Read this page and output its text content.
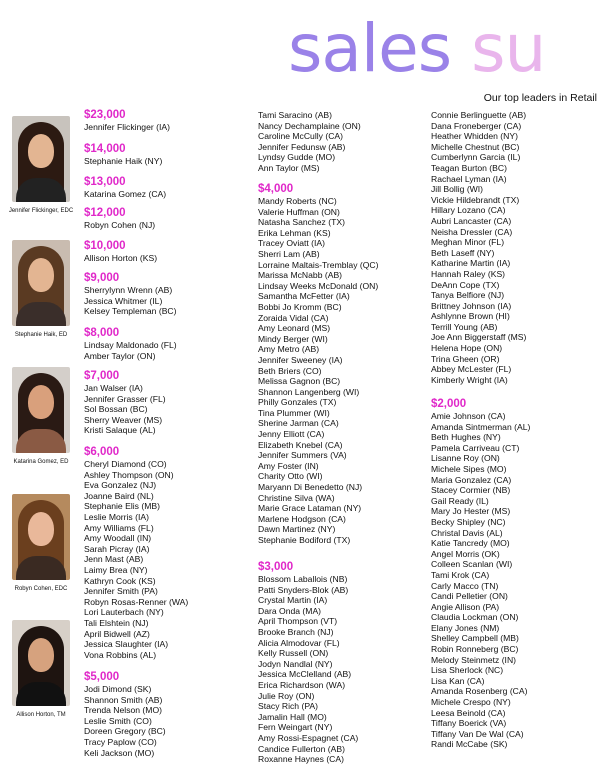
sales su
Our top leaders in Retail
Jennifer Flickinger, EDC
Stephanie Haik, ED
Katarina Gomez, ED
Robyn Cohen, EDC
Allison Horton, TM
$23,000
Jennifer Flickinger (IA)
$14,000
Stephanie Haik (NY)
$13,000
Katarina Gomez (CA)
$12,000
Robyn Cohen (NJ)
$10,000
Allison Horton (KS)
$9,000
Sherrylynn Wrenn (AB)
Jessica Whitmer (IL)
Kelsey Templeman (BC)
$8,000
Lindsay Maldonado (FL)
Amber Taylor (ON)
$7,000
Jan Walser (IA)
Jennifer Grasser (FL)
Sol Bossan (BC)
Sherry Weaver (MS)
Kristi Salaque (AL)
$6,000
Cheryl Diamond (CO)
Ashley Thompson (ON)
Eva Gonzalez (NJ)
Joanne Baird (NL)
Stephanie Elis (MB)
Leslie Morris (IA)
Amy Williams (FL)
Amy Woodall (IN)
Sarah Picray (IA)
Jenn Mast (AB)
Laimy Brea (NY)
Kathryn Cook (KS)
Jennifer Smith (PA)
Robyn Rosas-Renner (WA)
Lori Lauterbach (NY)
Tali Elshtein (NJ)
April Bidwell (AZ)
Jessica Slaughter (IA)
Vona Robbins (AL)
$5,000
Jodi Dimond (SK)
Shannon Smith (AB)
Trenda Nelson (MO)
Leslie Smith (CO)
Doreen Gregory (BC)
Tracy Paplow (CO)
Keli Jackson (MO)
Tami Saracino (AB)
Nancy Dechamplaine (ON)
Caroline McCully (CA)
Jennifer Fedunsw (AB)
Lyndsy Gudde (MO)
Ann Taylor (MS)
$4,000
Mandy Roberts (NC)
Valerie Huffman (ON)
Natasha Sanchez (TX)
Erika Lehman (KS)
Tracey Oviatt (IA)
Sherri Lam (AB)
Lorraine Maltais-Tremblay (QC)
Marissa McNabb (AB)
Lindsay Weeks McDonald (ON)
Samantha McFetter (IA)
Bobbi Jo Kromm (BC)
Zoraida Vidal (CA)
Amy Leonard (MS)
Mindy Berger (WI)
Amy Metro (AB)
Jennifer Sweeney (IA)
Beth Briers (CO)
Melissa Gagnon (BC)
Shannon Langenberg (WI)
Philly Gonzales (TX)
Tina Plummer (WI)
Sherine Jarman (CA)
Jenny Elliott (CA)
Elizabeth Knebel (CA)
Jennifer Summers (VA)
Amy Foster (IN)
Charity Otto (WI)
Maryann Di Benedetto (NJ)
Christine Silva (WA)
Marie Grace Lataman (NY)
Marlene Hodgson (CA)
Dawn Martinez (NY)
Stephanie Bodiford (TX)
$3,000
Blossom Laballois (NB)
Patti Snyders-Blok (AB)
Crystal Martin (IA)
Dara Onda (MA)
April Thompson (VT)
Brooke Branch (NJ)
Alicia Almodovar (FL)
Kelly Russell (ON)
Jodyn Nandlal (NY)
Jessica McClelland (AB)
Erica Richardson (WA)
Julie Roy (ON)
Stacy Rich (PA)
Jamalin Hall (MO)
Fern Weingart (NY)
Amy Rossi-Espagnet (CA)
Candice Fullerton (AB)
Roxanne Haynes (CA)
Connie Berlinguette (AB)
Dana Froneberger (CA)
Heather Whidden (NY)
Michelle Chestnut (BC)
Cumberlynn Garcia (IL)
Teagan Burton (BC)
Rachael Lyman (IA)
Jill Bollig (WI)
Vickie Hildebrandt (TX)
Hillary Lozano (CA)
Aubri Lancaster (CA)
Neisha Dressler (CA)
Meghan Minor (FL)
Beth Laseff (NY)
Katharine Martin (IA)
Hannah Raley (KS)
DeAnn Cope (TX)
Tanya Belfiore (NJ)
Brittney Johnson (IA)
Ashlynne Brown (HI)
Terrill Young (AB)
Joe Ann Biggerstaff (MS)
Helena Hope (ON)
Trina Gheen (OR)
Abbey McLester (FL)
Kimberly Wright (IA)
$2,000
Amie Johnson (CA)
Amanda Sintmerman (AL)
Beth Hughes (NY)
Pamela Carriveau (CT)
Lisanne Roy (ON)
Michele Sipes (MO)
Maria Gonzalez (CA)
Stacey Cormier (NB)
Gail Ready (IL)
Mary Jo Hester (MS)
Becky Shipley (NC)
Christal Davis (AL)
Katie Tancredy (MO)
Angel Morris (OK)
Colleen Scanlan (WI)
Tami Krok (CA)
Carly Macco (TN)
Candi Pelletier (ON)
Angie Allison (PA)
Claudia Lockman (ON)
Elany Jones (NM)
Shelley Campbell (MB)
Robin Ronneberg (BC)
Melody Steinmetz (IN)
Lisa Sherlock (NC)
Lisa Kan (CA)
Amanda Rosenberg (CA)
Michele Crespo (NY)
Leesa Beinold (CA)
Tiffany Boerick (VA)
Tiffany Van De Wal (CA)
Randi McCabe (SK)
